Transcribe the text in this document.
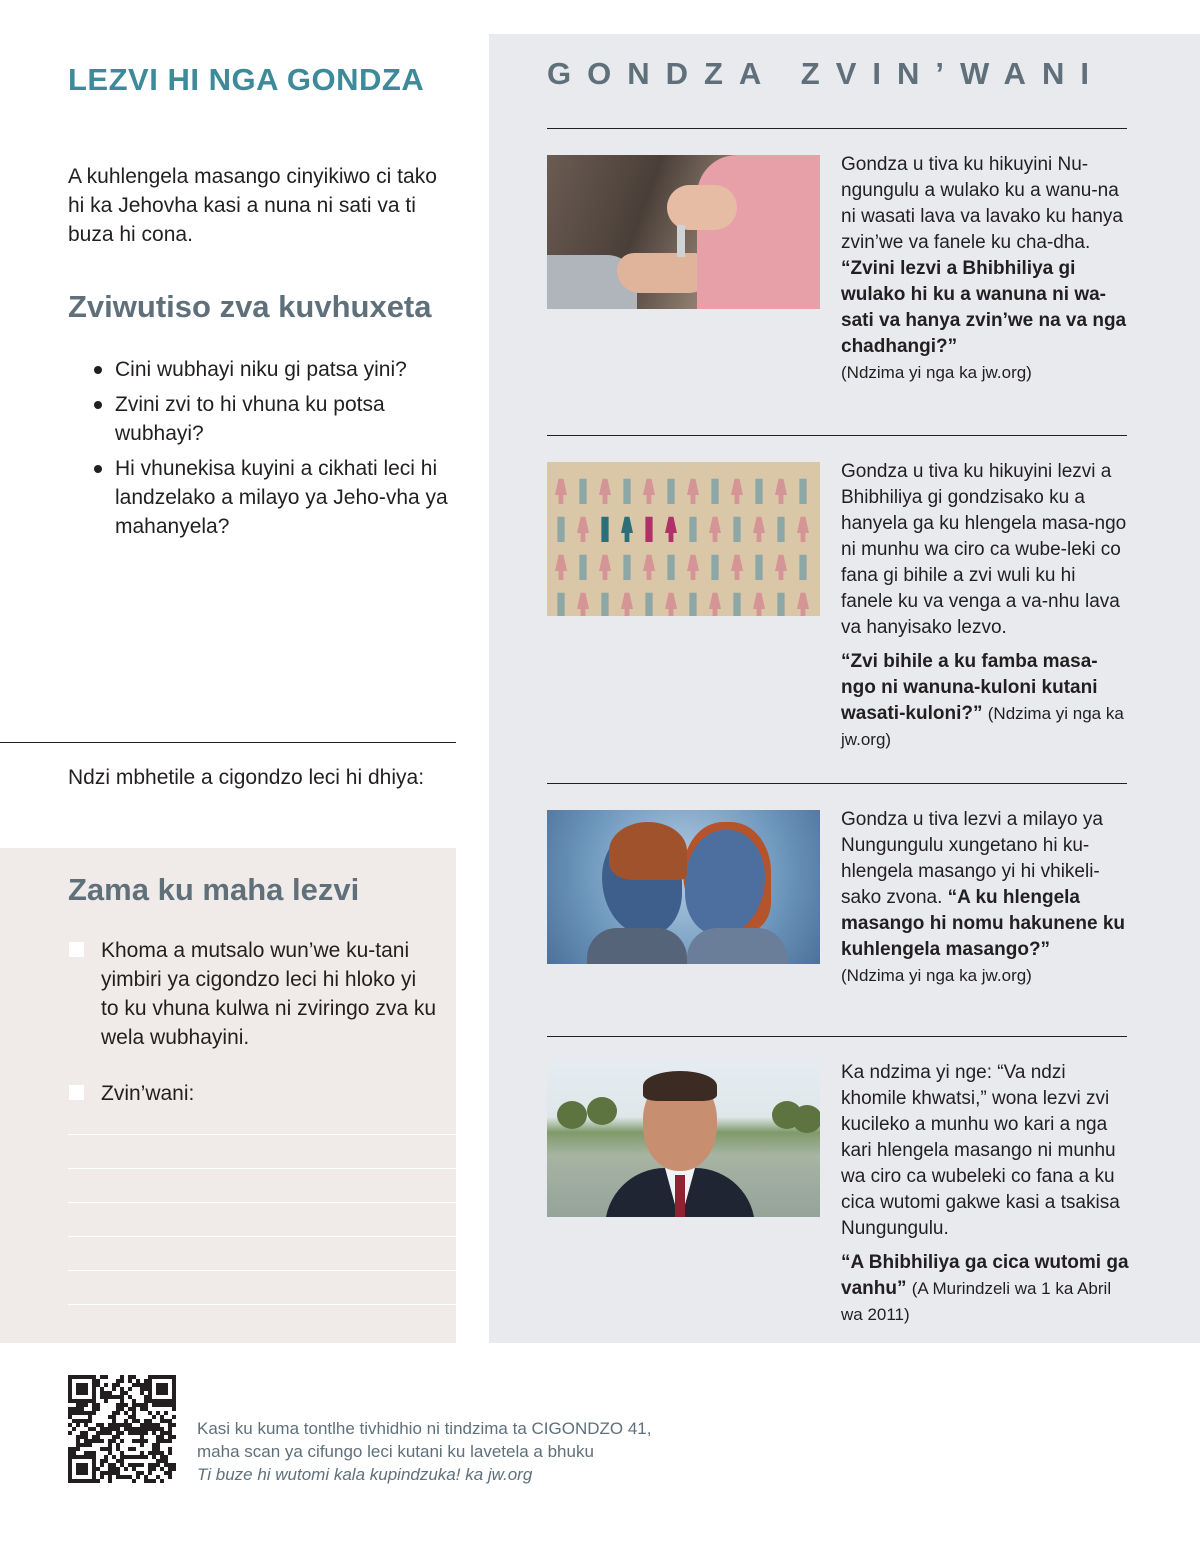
LEZVI HI NGA GONDZA

A kuhlengela masango cinyikiwo ci tako hi ka Jehovha kasi a nuna ni sati va ti buza hi cona.

Zviwutiso zva kuvhuxeta
Cini wubhayi niku gi patsa yini?
Zvini zvi to hi vhuna ku potsa wubhayi?
Hi vhunekisa kuyini a cikhati leci hi landzelako a milayo ya Jeho-vha ya mahanyela?

Ndzi mbhetile a cigondzo leci hi dhiya:

Zama ku maha lezvi
Khoma a mutsalo wun’we ku-tani yimbiri ya cigondzo leci hi hloko yi to ku vhuna kulwa ni zviringo zva ku wela wubhayini.
Zvin’wani:
GONDZA ZVIN’WANI

Gondza u tiva ku hikuyini Nu-ngungulu a wulako ku a wanu-na ni wasati lava va lavako ku hanya zvin’we va fanele ku cha-dha. “Zvini lezvi a Bhibhiliya gi wulako hi ku a wanuna ni wa-sati va hanya zvin’we na va nga chadhangi?”

(Ndzima yi nga ka jw.org)

Gondza u tiva ku hikuyini lezvi a Bhibhiliya gi gondzisako ku a hanyela ga ku hlengela masa-ngo ni munhu wa ciro ca wube-leki co fana gi bihile a zvi wuli ku hi fanele ku va venga a va-nhu lava va hanyisako lezvo.

“Zvi bihile a ku famba masa-ngo ni wanuna-kuloni kutani wasati-kuloni?” (Ndzima yi nga ka jw.org)

Gondza u tiva lezvi a milayo ya Nungungulu xungetano hi ku-hlengela masango yi hi vhikeli-sako zvona. “A ku hlengela masango hi nomu hakunene ku kuhlengela masango?”

(Ndzima yi nga ka jw.org)

Ka ndzima yi nge: “Va ndzi khomile khwatsi,” wona lezvi zvi kucileko a munhu wo kari a nga kari hlengela masango ni munhu wa ciro ca wubeleki co fana a ku cica wutomi gakwe kasi a tsakisa Nungungulu.

“A Bhibhiliya ga cica wutomi ga vanhu” (A Murindzeli wa 1 ka Abril wa 2011)

Kasi ku kuma tontlhe tivhidhio ni tindzima ta CIGONDZO 41,
maha scan ya cifungo leci kutani ku lavetela a bhuku
Ti buze hi wutomi kala kupindzuka! ka jw.org
